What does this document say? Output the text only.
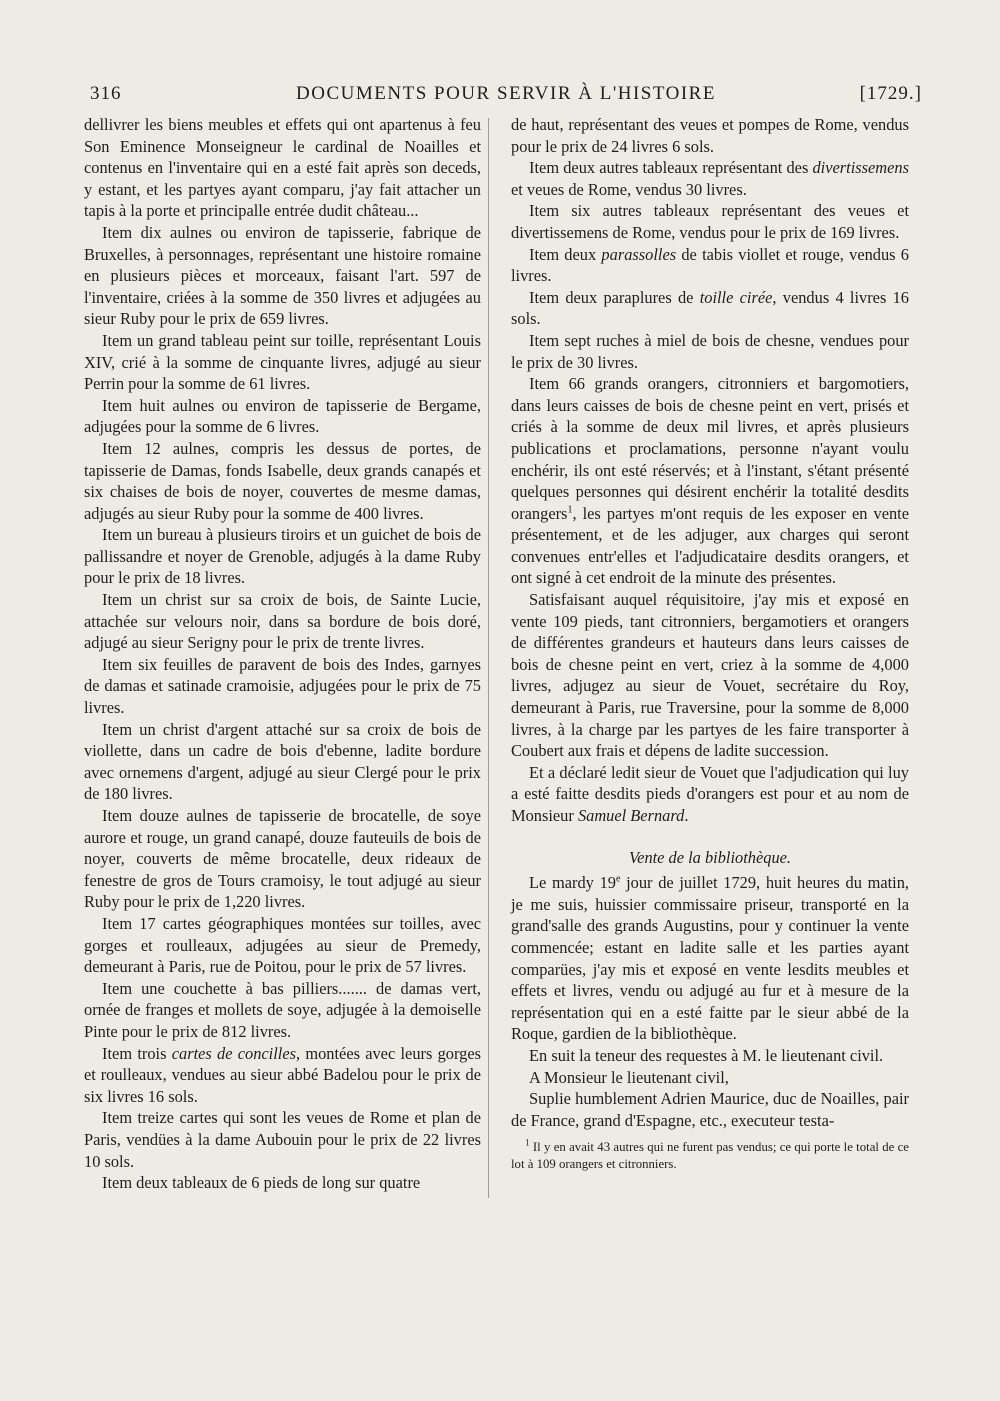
316	DOCUMENTS POUR SERVIR À L'HISTOIRE	[1729.]

dellivrer les biens meubles et effets qui ont apartenus à feu Son Eminence Monseigneur le cardinal de Noailles et contenus en l'inventaire qui en a esté fait après son deceds, y estant, et les partyes ayant comparu, j'ay fait attacher un tapis à la porte et principalle entrée dudit château...

Item dix aulnes ou environ de tapisserie, fabrique de Bruxelles, à personnages, représentant une histoire romaine en plusieurs pièces et morceaux, faisant l'art. 597 de l'inventaire, criées à la somme de 350 livres et adjugées au sieur Ruby pour le prix de 659 livres.

Item un grand tableau peint sur toille, représentant Louis XIV, crié à la somme de cinquante livres, adjugé au sieur Perrin pour la somme de 61 livres.

Item huit aulnes ou environ de tapisserie de Bergame, adjugées pour la somme de 6 livres.

Item 12 aulnes, compris les dessus de portes, de tapisserie de Damas, fonds Isabelle, deux grands canapés et six chaises de bois de noyer, couvertes de mesme damas, adjugés au sieur Ruby pour la somme de 400 livres.

Item un bureau à plusieurs tiroirs et un guichet de bois de pallissandre et noyer de Grenoble, adjugés à la dame Ruby pour le prix de 18 livres.

Item un christ sur sa croix de bois, de Sainte Lucie, attachée sur velours noir, dans sa bordure de bois doré, adjugé au sieur Serigny pour le prix de trente livres.

Item six feuilles de paravent de bois des Indes, garnyes de damas et satinade cramoisie, adjugées pour le prix de 75 livres.

Item un christ d'argent attaché sur sa croix de bois de viollette, dans un cadre de bois d'ebenne, ladite bordure avec ornemens d'argent, adjugé au sieur Clergé pour le prix de 180 livres.

Item douze aulnes de tapisserie de brocatelle, de soye aurore et rouge, un grand canapé, douze fauteuils de bois de noyer, couverts de même brocatelle, deux rideaux de fenestre de gros de Tours cramoisy, le tout adjugé au sieur Ruby pour le prix de 1,220 livres.

Item 17 cartes géographiques montées sur toilles, avec gorges et roulleaux, adjugées au sieur de Premedy, demeurant à Paris, rue de Poitou, pour le prix de 57 livres.

Item une couchette à bas pilliers....... de damas vert, ornée de franges et mollets de soye, adjugée à la demoiselle Pinte pour le prix de 812 livres.

Item trois cartes de concilles, montées avec leurs gorges et roulleaux, vendues au sieur abbé Badelou pour le prix de six livres 16 sols.

Item treize cartes qui sont les veues de Rome et plan de Paris, vendües à la dame Aubouin pour le prix de 22 livres 10 sols.

Item deux tableaux de 6 pieds de long sur quatre

de haut, représentant des veues et pompes de Rome, vendus pour le prix de 24 livres 6 sols.

Item deux autres tableaux représentant des divertissemens et veues de Rome, vendus 30 livres.

Item six autres tableaux représentant des veues et divertissemens de Rome, vendus pour le prix de 169 livres.

Item deux parassolles de tabis viollet et rouge, vendus 6 livres.

Item deux paraplures de toille cirée, vendus 4 livres 16 sols.

Item sept ruches à miel de bois de chesne, vendues pour le prix de 30 livres.

Item 66 grands orangers, citronniers et bargomotiers, dans leurs caisses de bois de chesne peint en vert, prisés et criés à la somme de deux mil livres, et après plusieurs publications et proclamations, personne n'ayant voulu enchérir, ils ont esté réservés; et à l'instant, s'étant présenté quelques personnes qui désirent enchérir la totalité desdits orangers$^1$, les partyes m'ont requis de les exposer en vente présentement, et de les adjuger, aux charges qui seront convenues entr'elles et l'adjudicataire desdits orangers, et ont signé à cet endroit de la minute des présentes.

Satisfaisant auquel réquisitoire, j'ay mis et exposé en vente 109 pieds, tant citronniers, bergamotiers et orangers de différentes grandeurs et hauteurs dans leurs caisses de bois de chesne peint en vert, criez à la somme de 4,000 livres, adjugez au sieur de Vouet, secrétaire du Roy, demeurant à Paris, rue Traversine, pour la somme de 8,000 livres, à la charge par les partyes de les faire transporter à Coubert aux frais et dépens de ladite succession.

Et a déclaré ledit sieur de Vouet que l'adjudication qui luy a esté faitte desdits pieds d'orangers est pour et au nom de Monsieur Samuel Bernard.

Vente de la bibliothèque.

Le mardy 19e jour de juillet 1729, huit heures du matin, je me suis, huissier commissaire priseur, transporté en la grand'salle des grands Augustins, pour y continuer la vente commencée; estant en ladite salle et les parties ayant comparües, j'ay mis et exposé en vente lesdits meubles et effets et livres, vendu ou adjugé au fur et à mesure de la représentation qui en a esté faitte par le sieur abbé de la Roque, gardien de la bibliothèque.

En suit la teneur des requestes à M. le lieutenant civil.

A Monsieur le lieutenant civil,

Suplie humblement Adrien Maurice, duc de Noailles, pair de France, grand d'Espagne, etc., executeur testa-

$^1$ Il y en avait 43 autres qui ne furent pas vendus; ce qui porte le total de ce lot à 109 orangers et citronniers.
